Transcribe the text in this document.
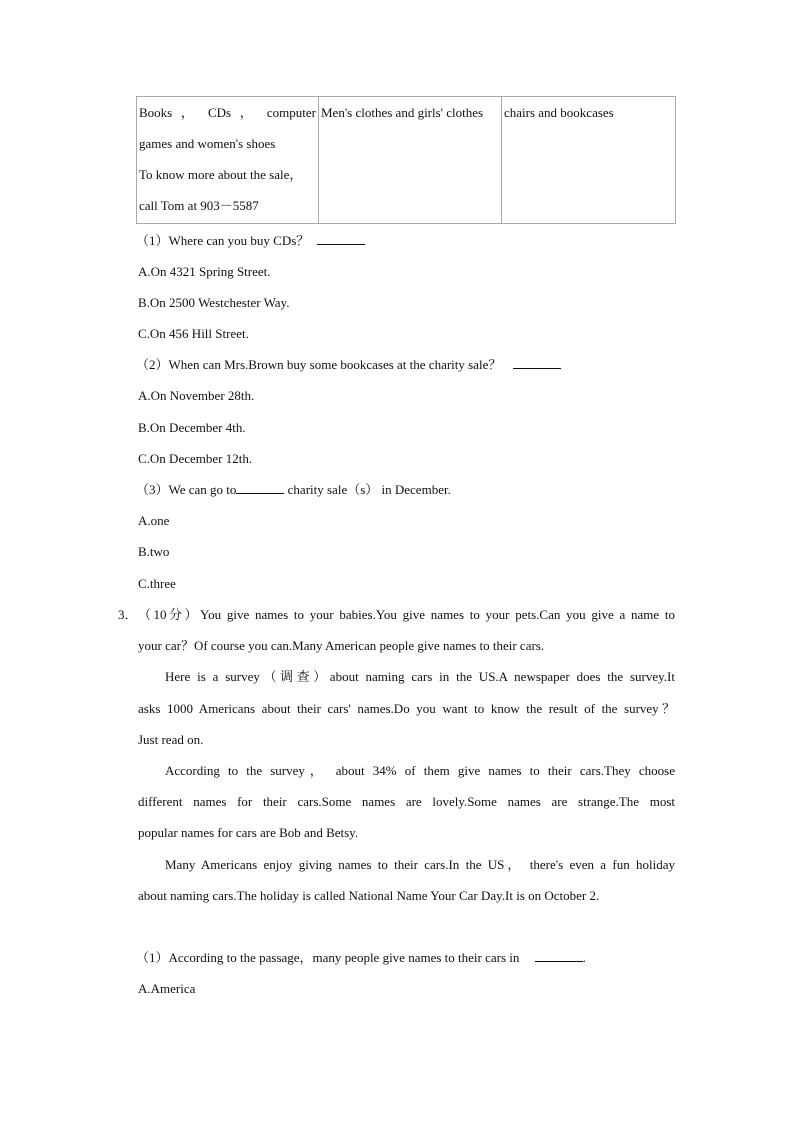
Books ， CDs ， computer
games and women's shoes
To know more about the sale，
call Tom at 903－5587

Men's clothes and girls' clothes	chairs and bookcases
（1）Where can you buy CDs？
A.On 4321 Spring Street.
B.On 2500 Westchester Way.
C.On 456 Hill Street.
（2）When can Mrs.Brown buy some bookcases at the charity sale？
A.On November 28th.
B.On December 4th.
C.On December 12th.
（3）We can go to	charity sale（s） in December.
A.one
B.two
C.three
3． （10分）You give names to your babies.You give names to your pets.Can you give a name to
your car？Of course you can.Many American people give names to their cars.
Here is a survey（调查）about naming cars in the US.A newspaper does the survey.It
asks 1000 Americans about their cars' names.Do you want to know the result of the survey？
Just read on.
According to the survey， about 34% of them give names to their cars.They choose
different names for their cars.Some names are lovely.Some names are strange.The most
popular names for cars are Bob and Betsy.
Many Americans enjoy giving names to their cars.In the US， there's even a fun holiday
about naming cars.The holiday is called National Name Your Car Day.It is on October 2.
（1）According to the passage，many people give names to their cars in	.
A.America
